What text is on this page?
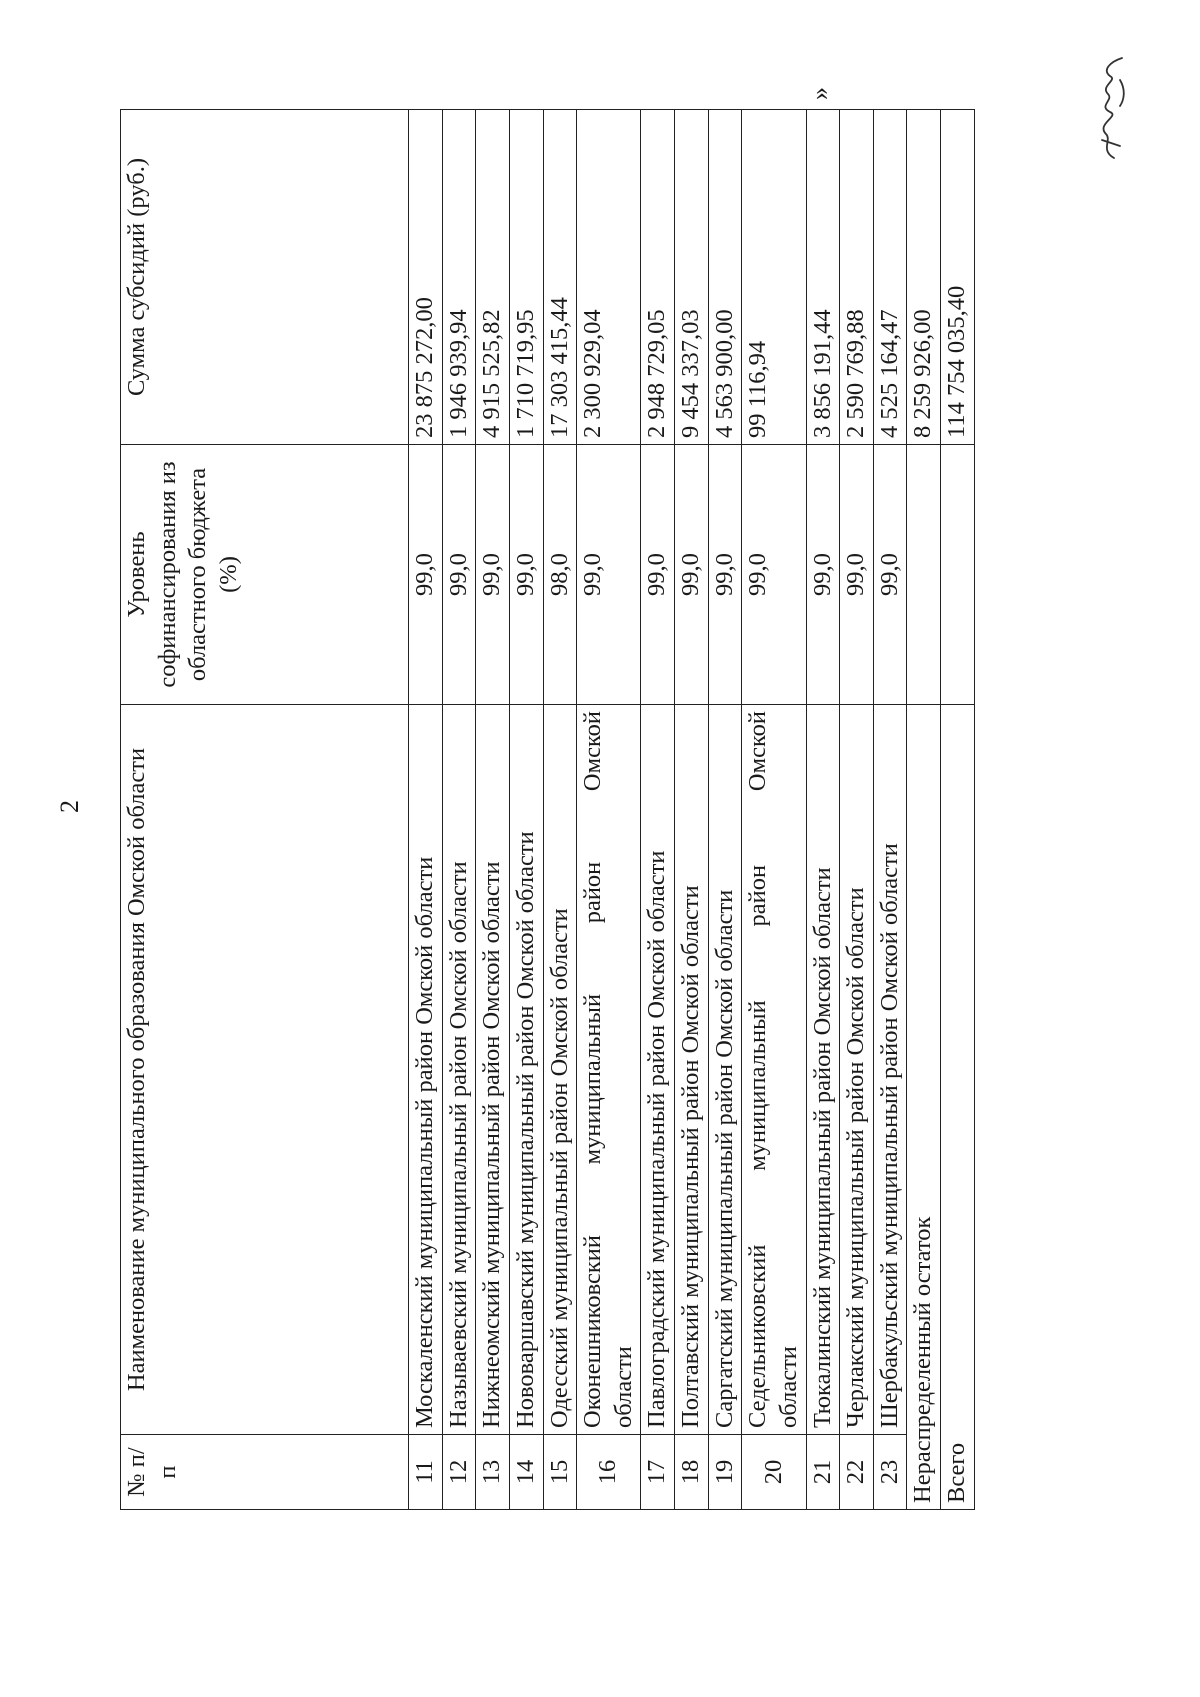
2
№ п/п	Наименование муниципального образования Омской области	Уровень софинансирования из областного бюджета (%)	Сумма субсидий (руб.)
11	Москаленский муниципальный район Омской области	99,0	23 875 272,00
12	Называевский муниципальный район Омской области	99,0	1 946 939,94
13	Нижнеомский муниципальный район Омской области	99,0	4 915 525,82
14	Нововаршавский муниципальный район Омской области	99,0	1 710 719,95
15	Одесский муниципальный район Омской области	98,0	17 303 415,44
16	Оконешниковский муниципальный район Омской области	99,0	2 300 929,04
17	Павлоградский муниципальный район Омской области	99,0	2 948 729,05
18	Полтавский муниципальный район Омской области	99,0	9 454 337,03
19	Саргатский муниципальный район Омской области	99,0	4 563 900,00
20	Седельниковский муниципальный район Омской области	99,0	99 116,94
21	Тюкалинский муниципальный район Омской области	99,0	3 856 191,44
22	Черлакский муниципальный район Омской области	99,0	2 590 769,88
23	Шербакульский муниципальный район Омской области	99,0	4 525 164,47
Нераспределенный остаток			8 259 926,00
Всего			114 754 035,40
»
